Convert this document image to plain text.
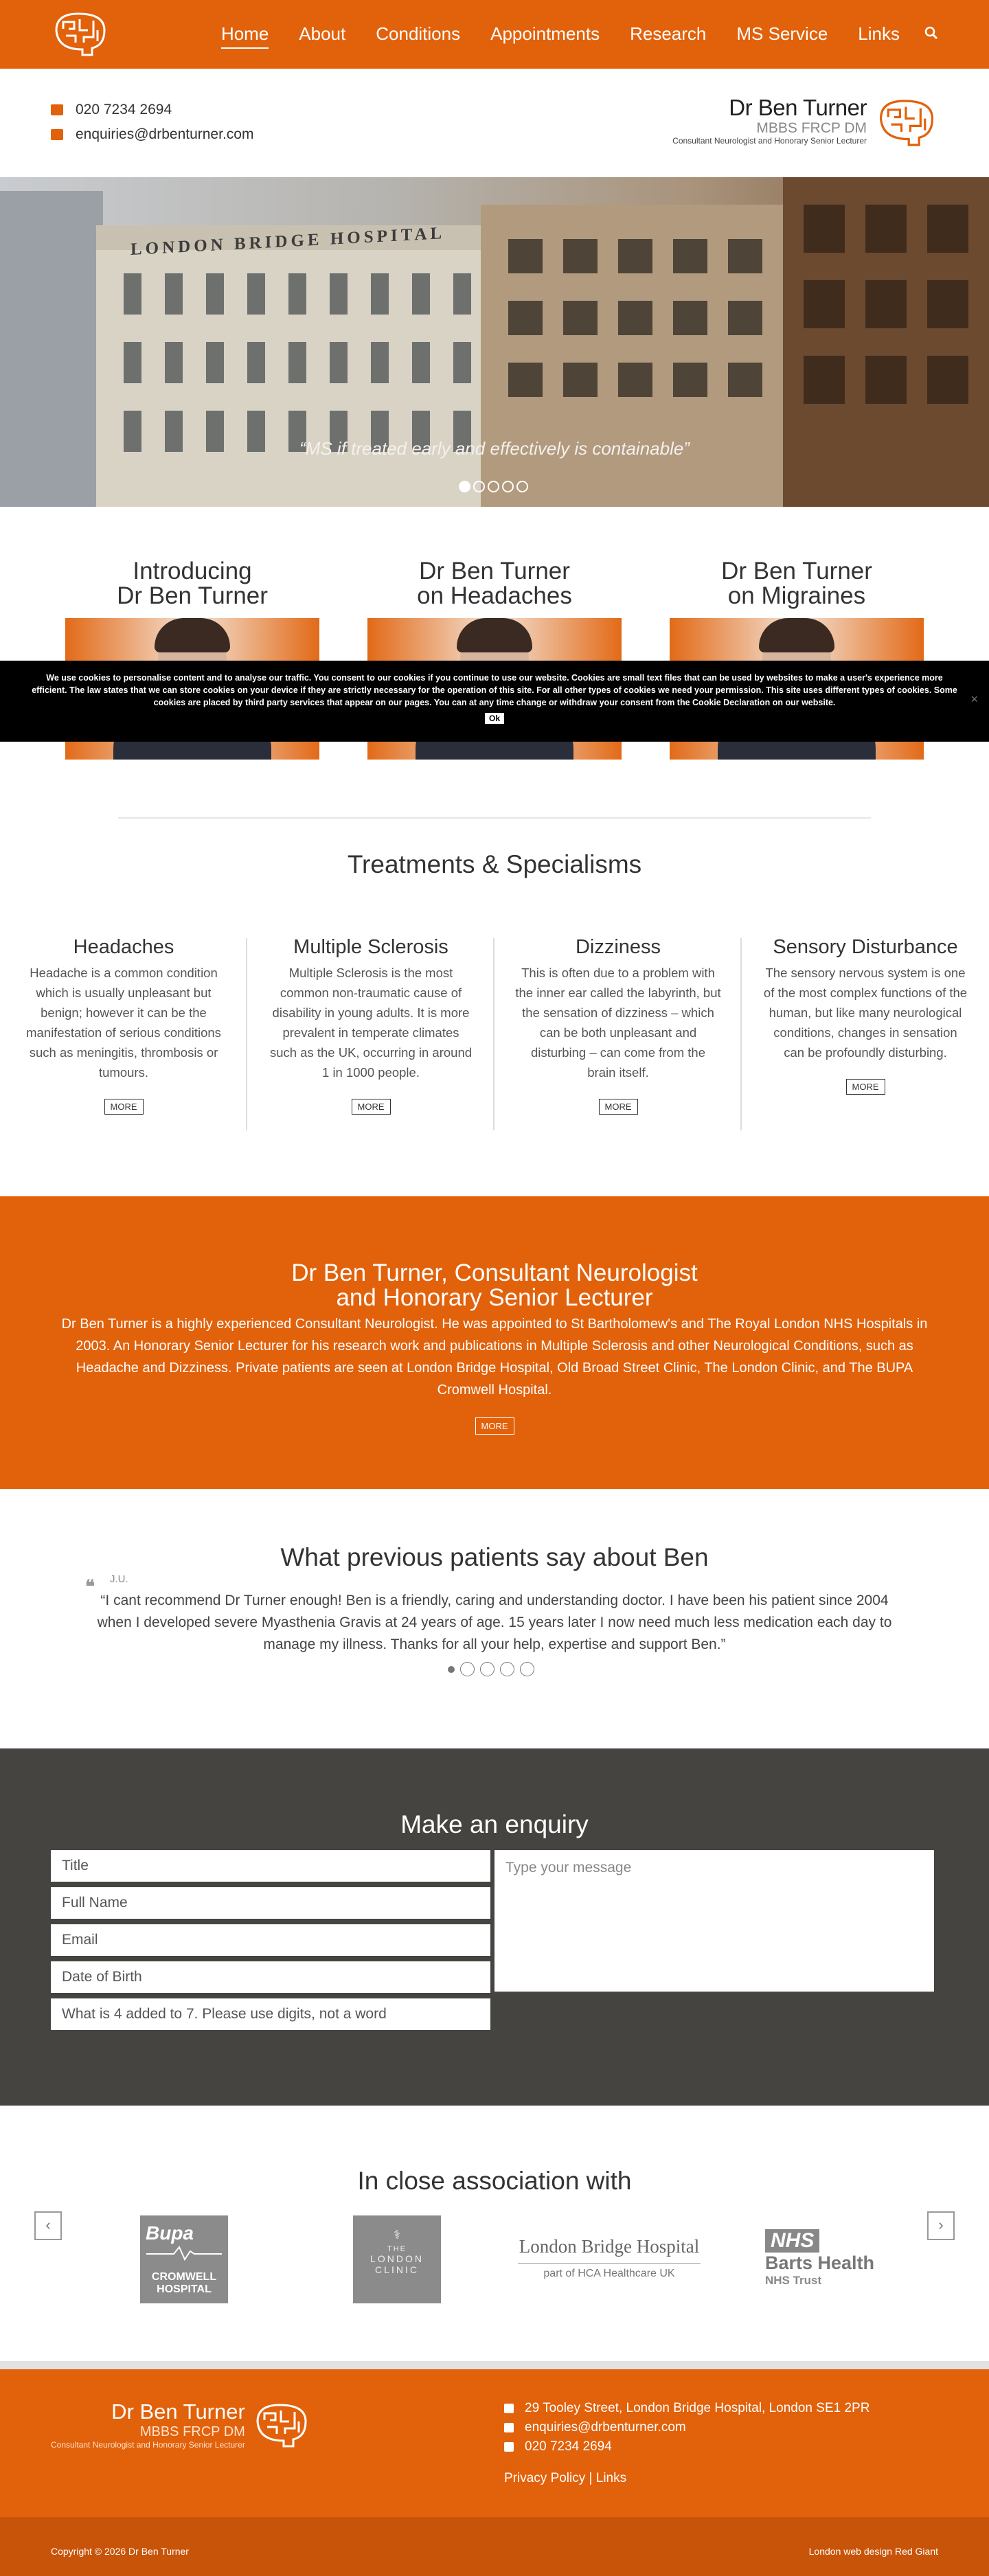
Home About Conditions Appointments Research MS Service Links
020 7234 2694
enquiries@drbenturner.com
Dr Ben Turner
MBBS FRCP DM
Consultant Neurologist and Honorary Senior Lecturer
LONDON BRIDGE HOSPITAL
“MS if treated early and effectively is containable”
Introducing
Dr Ben Turner
Dr Ben Turner
on Headaches
Dr Ben Turner
on Migraines

We use cookies to personalise content and to analyse our traffic. You consent to our cookies if you continue to use our website. Cookies are small text files that can be used by websites to make a user's experience more efficient. The law states that we can store cookies on your device if they are strictly necessary for the operation of this site. For all other types of cookies we need your permission. This site uses different types of cookies. Some cookies are placed by third party services that appear on our pages. You can at any time change or withdraw your consent from the Cookie Declaration on our website.

Ok
×
Treatments & Specialisms
Headaches

Headache is a common condition which is usually unpleasant but benign; however it can be the manifestation of serious conditions such as meningitis, thrombosis or tumours.

MORE
Multiple Sclerosis

Multiple Sclerosis is the most common non-traumatic cause of disability in young adults. It is more prevalent in temperate climates such as the UK, occurring in around 1 in 1000 people.

MORE
Dizziness

This is often due to a problem with the inner ear called the labyrinth, but the sensation of dizziness – which can be both unpleasant and disturbing – can come from the brain itself.

MORE
Sensory Disturbance

The sensory nervous system is one of the most complex functions of the human, but like many neurological conditions, changes in sensation can be profoundly disturbing.

MORE
Dr Ben Turner, Consultant Neurologist
and Honorary Senior Lecturer

Dr Ben Turner is a highly experienced Consultant Neurologist. He was appointed to St Bartholomew's and The Royal London NHS Hospitals in 2003. An Honorary Senior Lecturer for his research work and publications in Multiple Sclerosis and other Neurological Conditions, such as Headache and Dizziness. Private patients are seen at London Bridge Hospital, Old Broad Street Clinic, The London Clinic, and The BUPA Cromwell Hospital.

MORE
What previous patients say about Ben
❝ J.U.

“I cant recommend Dr Turner enough! Ben is a friendly, caring and understanding doctor. I have been his patient since 2004 when I developed severe Myasthenia Gravis at 24 years of age. 15 years later I now need much less medication each day to manage my illness. Thanks for all your help, expertise and support Ben.”

Make an enquiry
Title
Full Name
Email
Date of Birth
What is 4 added to 7. Please use digits, not a word
Type your message
In close association with
‹	›
Bupa
CROMWELL
HOSPITAL
⚕
THE
LONDON
CLINIC
London Bridge Hospital
part of HCA Healthcare UK
NHS
Barts Health
NHS Trust
Dr Ben Turner
MBBS FRCP DM
Consultant Neurologist and Honorary Senior Lecturer
29 Tooley Street, London Bridge Hospital, London SE1 2PR
enquiries@drbenturner.com
020 7234 2694
Privacy Policy | Links
Copyright © 2026 Dr Ben Turner	London web design Red Giant
